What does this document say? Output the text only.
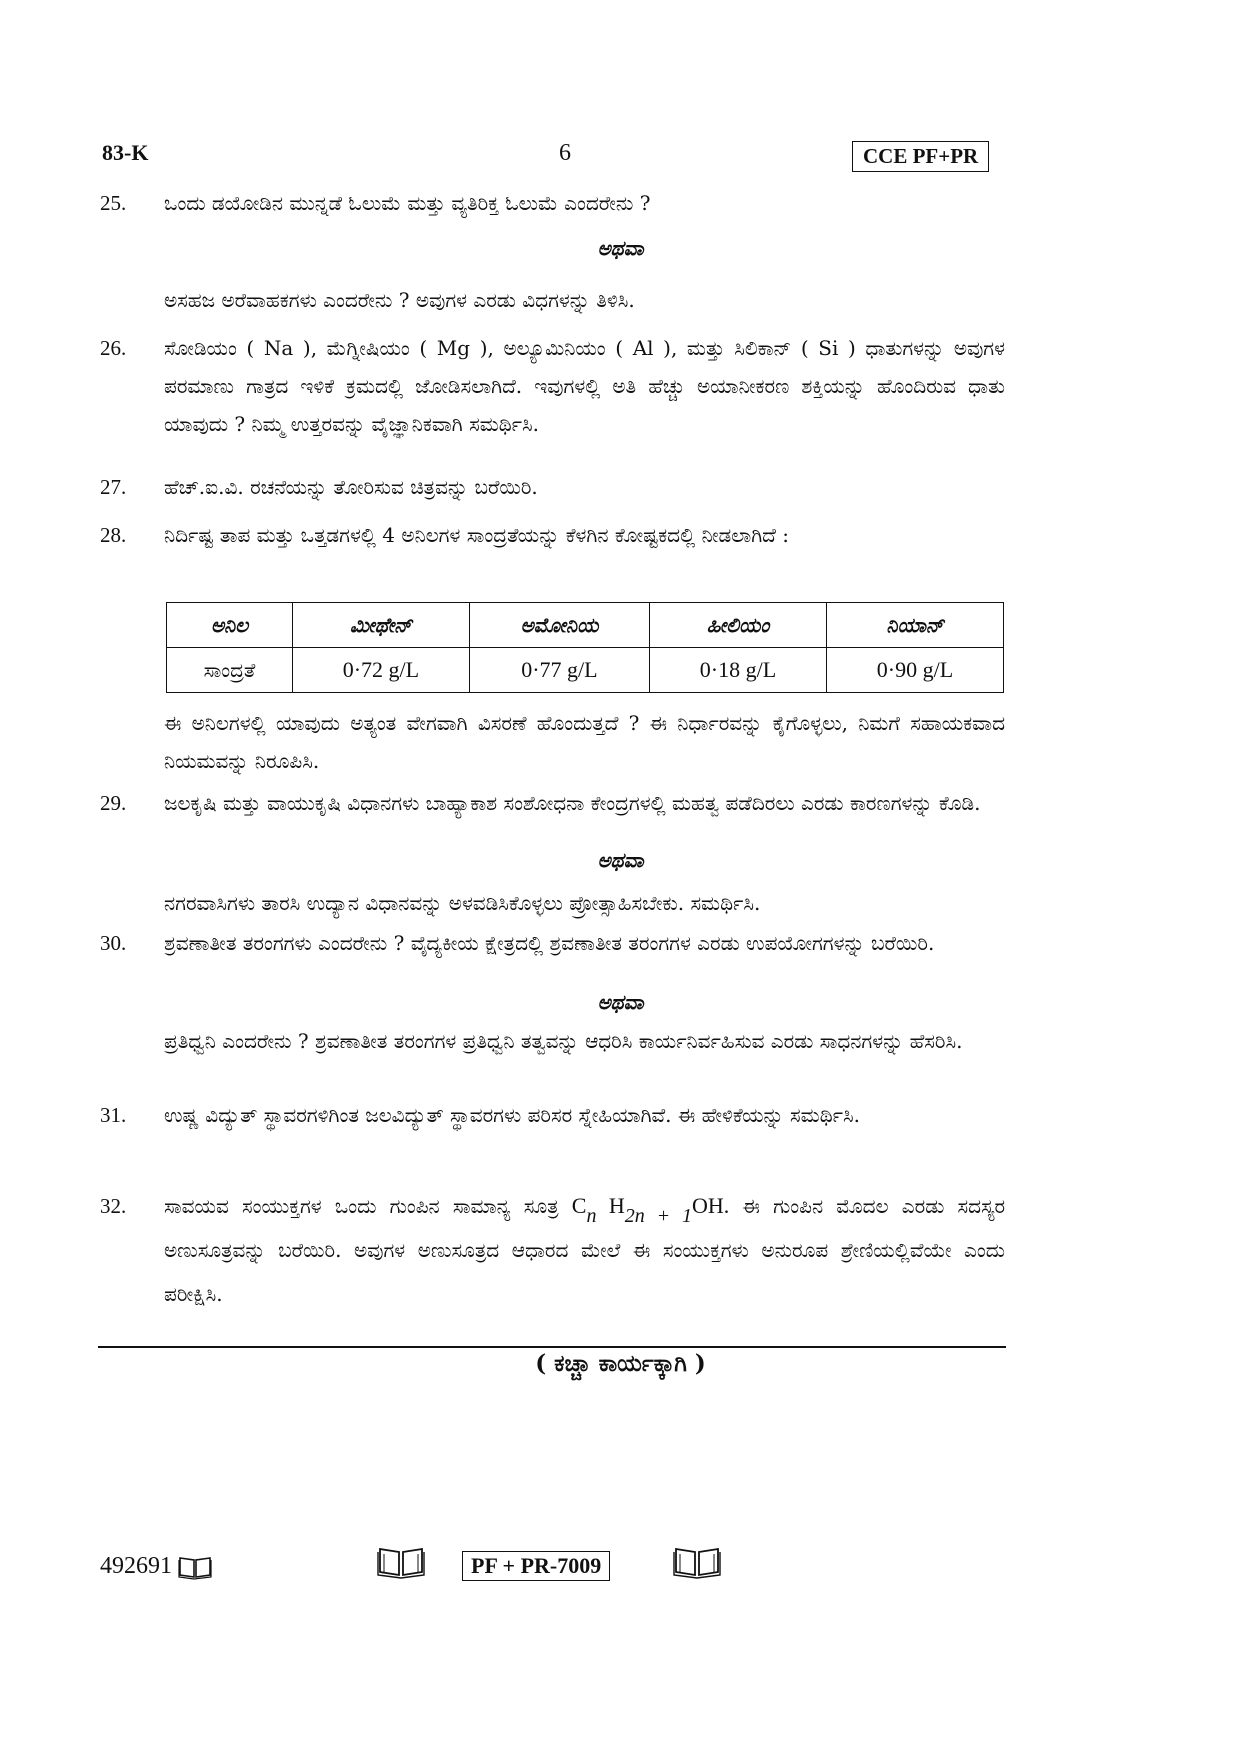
83-K	6	CCE PF+PR
25.	ಒಂದು ಡಯೋಡಿನ ಮುನ್ನಡೆ ಓಲುಮೆ ಮತ್ತು ವ್ಯತಿರಿಕ್ತ ಓಲುಮೆ ಎಂದರೇನು ?
ಅಥವಾ
ಅಸಹಜ ಅರೆವಾಹಕಗಳು ಎಂದರೇನು ? ಅವುಗಳ ಎರಡು ವಿಧಗಳನ್ನು ತಿಳಿಸಿ.
26.	ಸೋಡಿಯಂ ( Na ), ಮೆಗ್ನೀಷಿಯಂ ( Mg ), ಅಲ್ಯೂಮಿನಿಯಂ ( Al ), ಮತ್ತು ಸಿಲಿಕಾನ್ ( Si ) ಧಾತುಗಳನ್ನು ಅವುಗಳ ಪರಮಾಣು ಗಾತ್ರದ ಇಳಿಕೆ ಕ್ರಮದಲ್ಲಿ ಜೋಡಿಸಲಾಗಿದೆ. ಇವುಗಳಲ್ಲಿ ಅತಿ ಹೆಚ್ಚು ಅಯಾನೀಕರಣ ಶಕ್ತಿಯನ್ನು ಹೊಂದಿರುವ ಧಾತು ಯಾವುದು ? ನಿಮ್ಮ ಉತ್ತರವನ್ನು ವೈಜ್ಞಾನಿಕವಾಗಿ ಸಮರ್ಥಿಸಿ.
27.	ಹೆಚ್.ಐ.ವಿ. ರಚನೆಯನ್ನು ತೋರಿಸುವ ಚಿತ್ರವನ್ನು ಬರೆಯಿರಿ.
28.	ನಿರ್ದಿಷ್ಟ ತಾಪ ಮತ್ತು ಒತ್ತಡಗಳಲ್ಲಿ 4 ಅನಿಲಗಳ ಸಾಂದ್ರತೆಯನ್ನು ಕೆಳಗಿನ ಕೋಷ್ಟಕದಲ್ಲಿ ನೀಡಲಾಗಿದೆ :
ಅನಿಲ	ಮೀಥೇನ್	ಅಮೋನಿಯ	ಹೀಲಿಯಂ	ನಿಯಾನ್
ಸಾಂದ್ರತೆ	0·72 g/L	0·77 g/L	0·18 g/L	0·90 g/L
ಈ ಅನಿಲಗಳಲ್ಲಿ ಯಾವುದು ಅತ್ಯಂತ ವೇಗವಾಗಿ ವಿಸರಣೆ ಹೊಂದುತ್ತದೆ ? ಈ ನಿರ್ಧಾರವನ್ನು ಕೈಗೊಳ್ಳಲು, ನಿಮಗೆ ಸಹಾಯಕವಾದ ನಿಯಮವನ್ನು ನಿರೂಪಿಸಿ.
29.	ಜಲಕೃಷಿ ಮತ್ತು ವಾಯುಕೃಷಿ ವಿಧಾನಗಳು ಬಾಹ್ಯಾಕಾಶ ಸಂಶೋಧನಾ ಕೇಂದ್ರಗಳಲ್ಲಿ ಮಹತ್ವ ಪಡೆದಿರಲು ಎರಡು ಕಾರಣಗಳನ್ನು ಕೊಡಿ.
ಅಥವಾ
ನಗರವಾಸಿಗಳು ತಾರಸಿ ಉದ್ಯಾನ ವಿಧಾನವನ್ನು ಅಳವಡಿಸಿಕೊಳ್ಳಲು ಪ್ರೋತ್ಸಾಹಿಸಬೇಕು. ಸಮರ್ಥಿಸಿ.
30.	ಶ್ರವಣಾತೀತ ತರಂಗಗಳು ಎಂದರೇನು ? ವೈದ್ಯಕೀಯ ಕ್ಷೇತ್ರದಲ್ಲಿ ಶ್ರವಣಾತೀತ ತರಂಗಗಳ ಎರಡು ಉಪಯೋಗಗಳನ್ನು ಬರೆಯಿರಿ.
ಅಥವಾ
ಪ್ರತಿಧ್ವನಿ ಎಂದರೇನು ? ಶ್ರವಣಾತೀತ ತರಂಗಗಳ ಪ್ರತಿಧ್ವನಿ ತತ್ವವನ್ನು ಆಧರಿಸಿ ಕಾರ್ಯನಿರ್ವಹಿಸುವ ಎರಡು ಸಾಧನಗಳನ್ನು ಹೆಸರಿಸಿ.
31.	ಉಷ್ಣ ವಿದ್ಯುತ್ ಸ್ಥಾವರಗಳಿಗಿಂತ ಜಲವಿದ್ಯುತ್ ಸ್ಥಾವರಗಳು ಪರಿಸರ ಸ್ನೇಹಿಯಾಗಿವೆ. ಈ ಹೇಳಿಕೆಯನ್ನು ಸಮರ್ಥಿಸಿ.
32.	ಸಾವಯವ ಸಂಯುಕ್ತಗಳ ಒಂದು ಗುಂಪಿನ ಸಾಮಾನ್ಯ ಸೂತ್ರ $C_n$ $H_{2n + 1}OH$. ಈ ಗುಂಪಿನ ಮೊದಲ ಎರಡು ಸದಸ್ಯರ ಅಣುಸೂತ್ರವನ್ನು ಬರೆಯಿರಿ. ಅವುಗಳ ಅಣುಸೂತ್ರದ ಆಧಾರದ ಮೇಲೆ ಈ ಸಂಯುಕ್ತಗಳು ಅನುರೂಪ ಶ್ರೇಣಿಯಲ್ಲಿವೆಯೇ ಎಂದು ಪರೀಕ್ಷಿಸಿ.
( ಕಚ್ಚಾ ಕಾರ್ಯಕ್ಕಾಗಿ )
492691	PF + PR-7009
